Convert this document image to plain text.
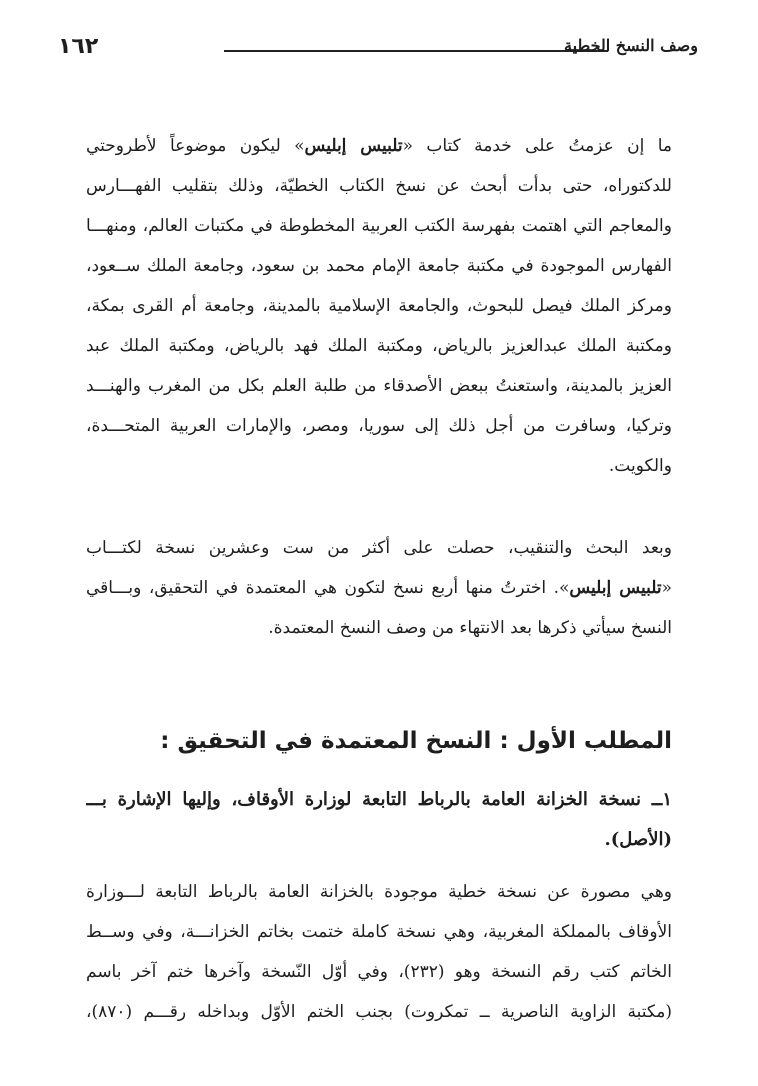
١٦٢	وصف النسخ الخطية
ما إن عزمتُ على خدمة كتاب «تلبيس إبليس» ليكون موضوعاً لأطروحتي
للدكتوراه، حتى بدأت أبحث عن نسخ الكتاب الخطيّة، وذلك بتقليب الفهـــارس
والمعاجم التي اهتمت بفهرسة الكتب العربية المخطوطة في مكتبات العالم، ومنهـــا
الفهارس الموجودة في مكتبة جامعة الإمام محمد بن سعود، وجامعة الملك ســعود،
ومركز الملك فيصل للبحوث، والجامعة الإسلامية بالمدينة، وجامعة أم القرى بمكة،
ومكتبة الملك عبدالعزيز بالرياض، ومكتبة الملك فهد بالرياض، ومكتبة الملك عبد
العزيز بالمدينة، واستعنتُ ببعض الأصدقاء من طلبة العلم بكل من المغرب والهنـــد
وتركيا، وسافرت من أجل ذلك إلى سوريا، ومصر، والإمارات العربية المتحـــدة،
والكويت.
وبعد البحث والتنقيب، حصلت على أكثر من ست وعشرين نسخة لكتـــاب
«تلبيس إبليس». اخترتُ منها أربع نسخ لتكون هي المعتمدة في التحقيق، وبـــاقي
النسخ سيأتي ذكرها بعد الانتهاء من وصف النسخ المعتمدة.
المطلب الأول : النسخ المعتمدة في التحقيق :
١ــ نسخة الخزانة العامة بالرباط التابعة لوزارة الأوقاف، وإليها الإشارة بـــ
(الأصل).
وهي مصورة عن نسخة خطية موجودة بالخزانة العامة بالرباط التابعة لـــوزارة
الأوقاف بالمملكة المغربية، وهي نسخة كاملة ختمت بخاتم الخزانـــة، وفي وســط
الخاتم كتب رقم النسخة وهو (٢٣٢)، وفي أوّل النّسخة وآخرها ختم آخر باسم
(مكتبة الزاوية الناصرية ــ تمكروت) بجنب الختم الأوّل وبداخله رقـــم (٨٧٠)،
